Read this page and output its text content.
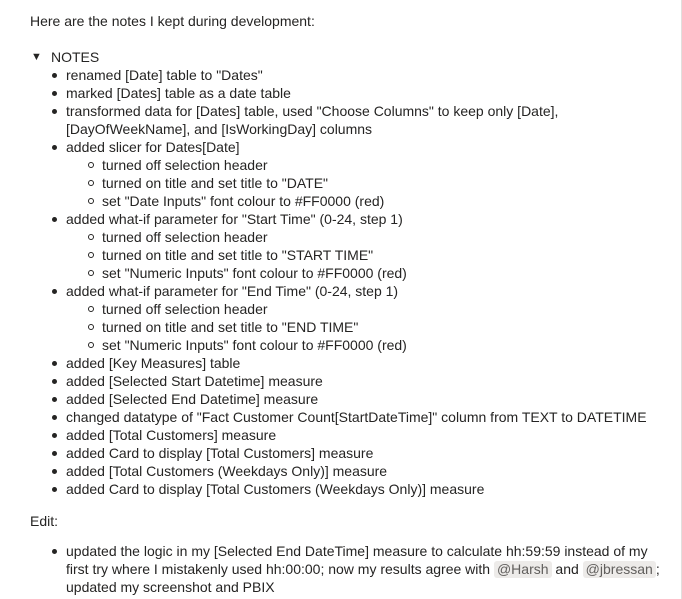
Here are the notes I kept during development:

▼ NOTES
renamed [Date] table to "Dates"
marked [Dates] table as a date table
transformed data for [Dates] table, used "Choose Columns" to keep only [Date], [DayOfWeekName], and [IsWorkingDay] columns
added slicer for Dates[Date]
turned off selection header
turned on title and set title to "DATE"
set "Date Inputs" font colour to #FF0000 (red)
added what-if parameter for "Start Time" (0-24, step 1)
turned off selection header
turned on title and set title to "START TIME"
set "Numeric Inputs" font colour to #FF0000 (red)
added what-if parameter for "End Time" (0-24, step 1)
turned off selection header
turned on title and set title to "END TIME"
set "Numeric Inputs" font colour to #FF0000 (red)
added [Key Measures] table
added [Selected Start Datetime] measure
added [Selected End Datetime] measure
changed datatype of "Fact Customer Count[StartDateTime]" column from TEXT to DATETIME
added [Total Customers] measure
added Card to display [Total Customers] measure
added [Total Customers (Weekdays Only)] measure
added Card to display [Total Customers (Weekdays Only)] measure
Edit:
updated the logic in my [Selected End DateTime] measure to calculate hh:59:59 instead of my first try where I mistakenly used hh:00:00; now my results agree with @Harsh and @jbressan ; updated my screenshot and PBIX
